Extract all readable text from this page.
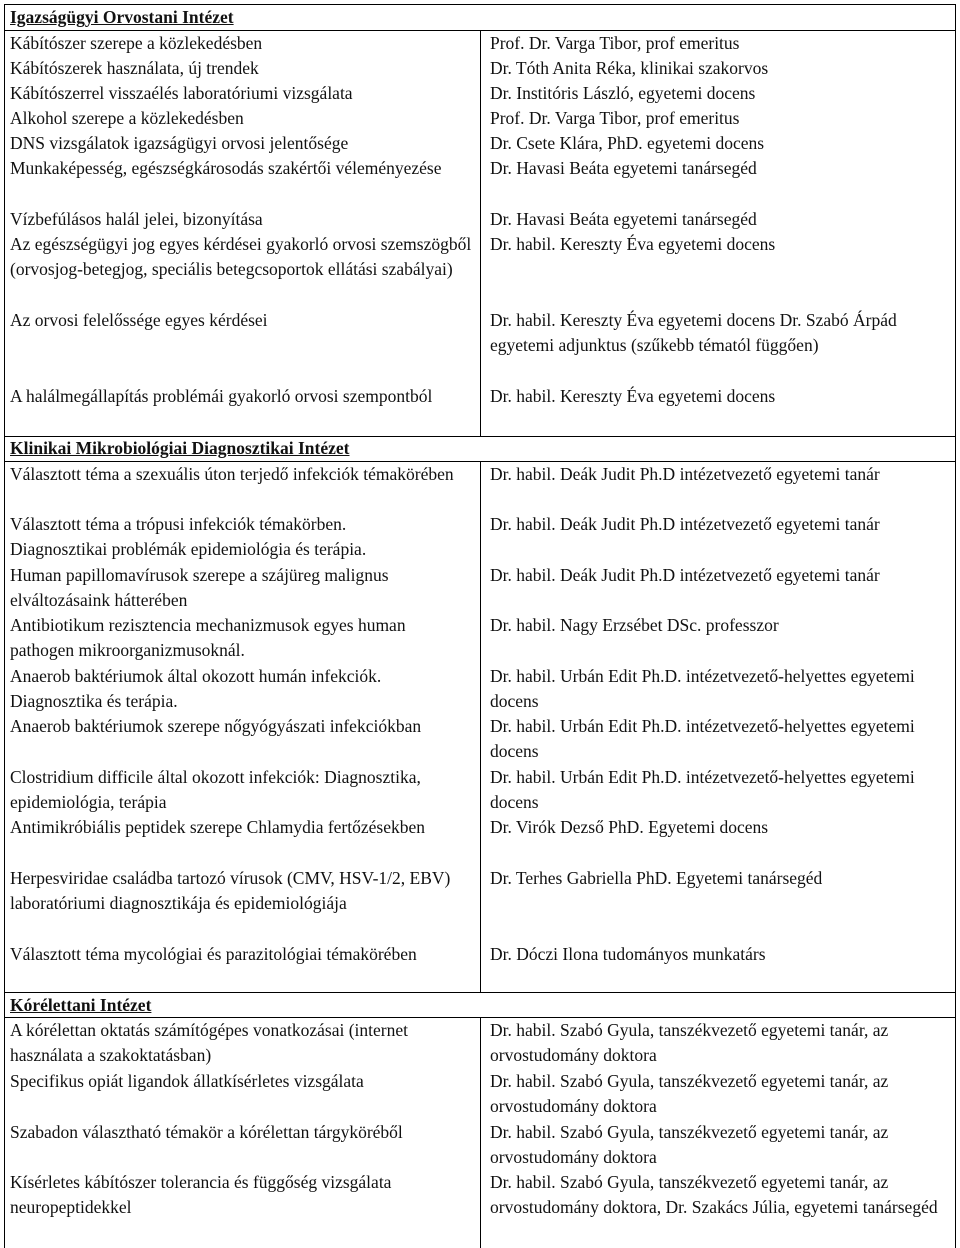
Igazságügyi Orvostani Intézet
Kábítószer szerepe a közlekedésben
Kábítószerek használata, új trendek
Kábítószerrel visszaélés laboratóriumi vizsgálata
Alkohol szerepe a közlekedésben
DNS vizsgálatok igazságügyi orvosi jelentősége
Munkaképesség, egészségkárosodás szakértői véleményezése
Vízbefúlásos halál jelei, bizonyítása
Az egészségügyi jog egyes kérdései gyakorló orvosi szemszögből (orvosjog-betegjog, speciális betegcsoportok ellátási szabályai)
Az orvosi felelőssége egyes kérdései
A halálmegállapítás problémái gyakorló orvosi szempontból
Prof. Dr. Varga Tibor, prof emeritus
Dr. Tóth Anita Réka, klinikai szakorvos
Dr. Institóris László, egyetemi docens
Prof. Dr. Varga Tibor, prof emeritus
Dr. Csete Klára, PhD. egyetemi docens
Dr. Havasi Beáta egyetemi tanársegéd
Dr. Havasi Beáta egyetemi tanársegéd
Dr. habil. Kereszty Éva egyetemi docens
Dr. habil. Kereszty Éva egyetemi docens Dr. Szabó Árpád egyetemi adjunktus (szűkebb tématól függően)
Dr. habil. Kereszty Éva egyetemi docens
Klinikai Mikrobiológiai Diagnosztikai Intézet
Választott téma a szexuális úton terjedő infekciók témakörében
Választott téma a trópusi infekciók témakörben.
Diagnosztikai problémák epidemiológia és terápia.
Human papillomavírusok szerepe a szájüreg malignus elváltozásaink hátterében
Antibiotikum rezisztencia mechanizmusok egyes human pathogen mikroorganizmusoknál.
Anaerob baktériumok által okozott humán infekciók. Diagnosztika és terápia.
Anaerob baktériumok szerepe nőgyógyászati infekciókban
Clostridium difficile által okozott infekciók: Diagnosztika, epidemiológia, terápia
Antimikróbiális peptidek szerepe Chlamydia fertőzésekben
Herpesviridae családba tartozó vírusok (CMV, HSV-1/2, EBV) laboratóriumi diagnosztikája és epidemiológiája
Választott téma mycológiai és parazitológiai témakörében
Dr. habil. Deák Judit Ph.D intézetvezető egyetemi tanár
Dr. habil. Deák Judit Ph.D intézetvezető egyetemi tanár
Dr. habil. Deák Judit Ph.D intézetvezető egyetemi tanár
Dr. habil. Nagy Erzsébet DSc. professzor
Dr. habil. Urbán Edit Ph.D. intézetvezető-helyettes egyetemi docens
Dr. habil. Urbán Edit Ph.D. intézetvezető-helyettes egyetemi docens
Dr. habil. Urbán Edit Ph.D. intézetvezető-helyettes egyetemi docens
Dr. Virók Dezső PhD. Egyetemi docens
Dr. Terhes Gabriella PhD. Egyetemi tanársegéd
Dr. Dóczi Ilona tudományos munkatárs
Kórélettani Intézet
A kórélettan oktatás számítógépes vonatkozásai (internet használata a szakoktatásban)
Specifikus opiát ligandok állatkísérletes vizsgálata
Szabadon választható témakör a kórélettan tárgyköréből
Kísérletes kábítószer tolerancia és függőség vizsgálata neuropeptidekkel
Dr. habil. Szabó Gyula, tanszékvezető egyetemi tanár, az orvostudomány doktora
Dr. habil. Szabó Gyula, tanszékvezető egyetemi tanár, az orvostudomány doktora
Dr. habil. Szabó Gyula, tanszékvezető egyetemi tanár, az orvostudomány doktora
Dr. habil. Szabó Gyula, tanszékvezető egyetemi tanár, az orvostudomány doktora, Dr. Szakács Júlia, egyetemi tanársegéd
